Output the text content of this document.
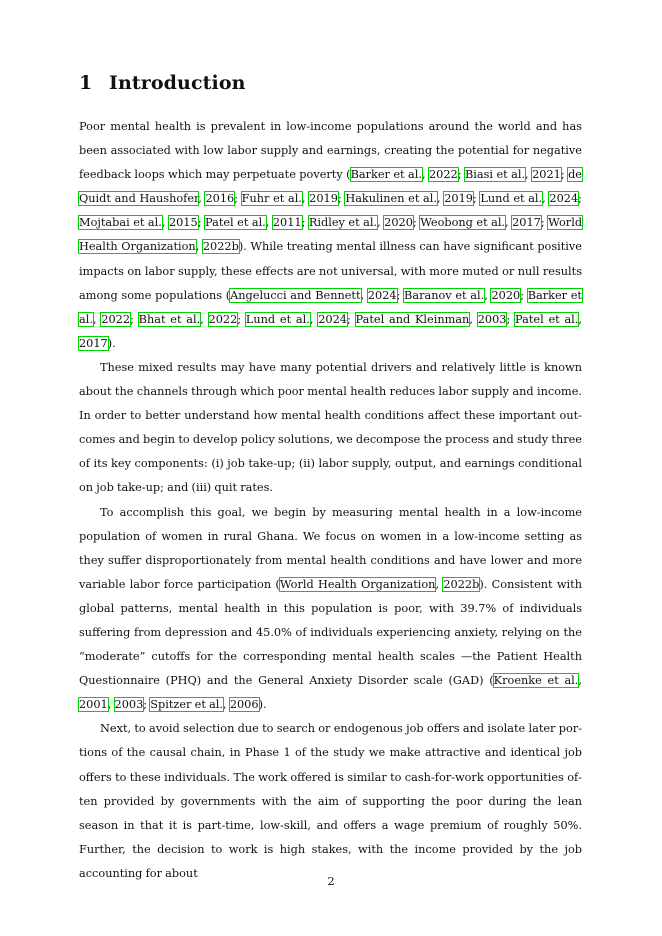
1 Introduction

Poor mental health is prevalent in low-income populations around the world and has been associated with low labor supply and earnings, creating the potential for negative feedback loops which may perpetuate poverty (Barker et al., 2022; Biasi et al., 2021; de Quidt and Haushofer, 2016; Fuhr et al., 2019; Hakulinen et al., 2019; Lund et al., 2024; Mojtabai et al., 2015; Patel et al., 2011; Ridley et al., 2020; Weobong et al., 2017; World Health Organization, 2022b). While treating mental illness can have significant positive impacts on labor supply, these effects are not universal, with more muted or null results among some populations (Angelucci and Bennett, 2024; Baranov et al., 2020; Barker et al., 2022; Bhat et al., 2022; Lund et al., 2024; Patel and Kleinman, 2003; Patel et al., 2017).

These mixed results may have many potential drivers and relatively little is known about the channels through which poor mental health reduces labor supply and income. In order to better understand how mental health conditions affect these important outcomes and begin to develop policy solutions, we decompose the process and study three of its key components: (i) job take-up; (ii) labor supply, output, and earnings conditional on job take-up; and (iii) quit rates.

To accomplish this goal, we begin by measuring mental health in a low-income population of women in rural Ghana. We focus on women in a low-income setting as they suffer disproportionately from mental health conditions and have lower and more variable labor force participation (World Health Organization, 2022b). Consistent with global patterns, mental health in this population is poor, with 39.7% of individuals suffering from depression and 45.0% of individuals experiencing anxiety, relying on the “moderate” cutoffs for the corresponding mental health scales —the Patient Health Questionnaire (PHQ) and the General Anxiety Disorder scale (GAD) (Kroenke et al., 2001, 2003; Spitzer et al., 2006).

Next, to avoid selection due to search or endogenous job offers and isolate later portions of the causal chain, in Phase 1 of the study we make attractive and identical job offers to these individuals. The work offered is similar to cash-for-work opportunities often provided by governments with the aim of supporting the poor during the lean season in that it is part-time, low-skill, and offers a wage premium of roughly 50%. Further, the decision to work is high stakes, with the income provided by the job accounting for about

2
